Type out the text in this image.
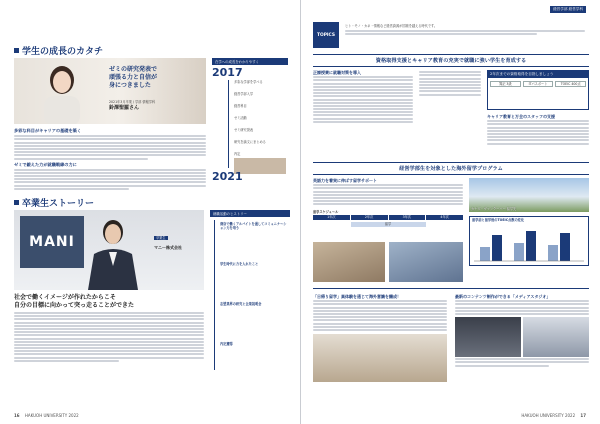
学生の成長のカタチ
ゼミの研究発表で
頑張る力と自信が
身につきました
2021年3月卒業 / 学部 情報学科
鈴澤聖羅さん
多彩な科目がキャリアの基礎を築く
ゼミで鍛えた力が就職戦線の力に
在学への成長をわかりやすく
2017
多彩な学部を学べる
経営学部入学
経営科目
ゼミ活動
ゼミ研究発表
研究を論文にまとめる
内定
2021
卒業生ストーリー
MANI	卒業生
マニー株式会社
社会で働くイメージが作れたからこそ
自分の目標に向かって突っ走ることができた
就職活動のヒストリー
商店で働くアルバイトを通してコミュニケーション力を培う
学生時代に力を入れたこと
志望業界の研究と企業説明会
内定獲得
16 HAKUOH UNIVERSITY 2022
経営学部 経営学科
TOPICS
ヒト・モノ・カネ・情報など経営資源が国境を越える時代です。
資格取得支援とキャリア教育の充実で就職に強い学生を育成する
正課授業に就職対策を導入	2年次までの資格取得を目指しましょう
簿記 3級	ITパスポート	TOEIC 400点
キャリア教育と万全のスタッフの支援
経営学部生を対象とした海外留学プログラム
英語力を着実に伸ばす留学サポート
カナダ・ヴァンクーバー 留学先
留学スケジュール
1年次	2年次	3年次	4年次
留学
留学前と留学後のTOEIC点数の変化
「日帰り留学」異体験を通じて海外意識を醸成！	最新のコンテンツ制作ができる「メディアスタジオ」
HAKUOH UNIVERSITY 2022 17
